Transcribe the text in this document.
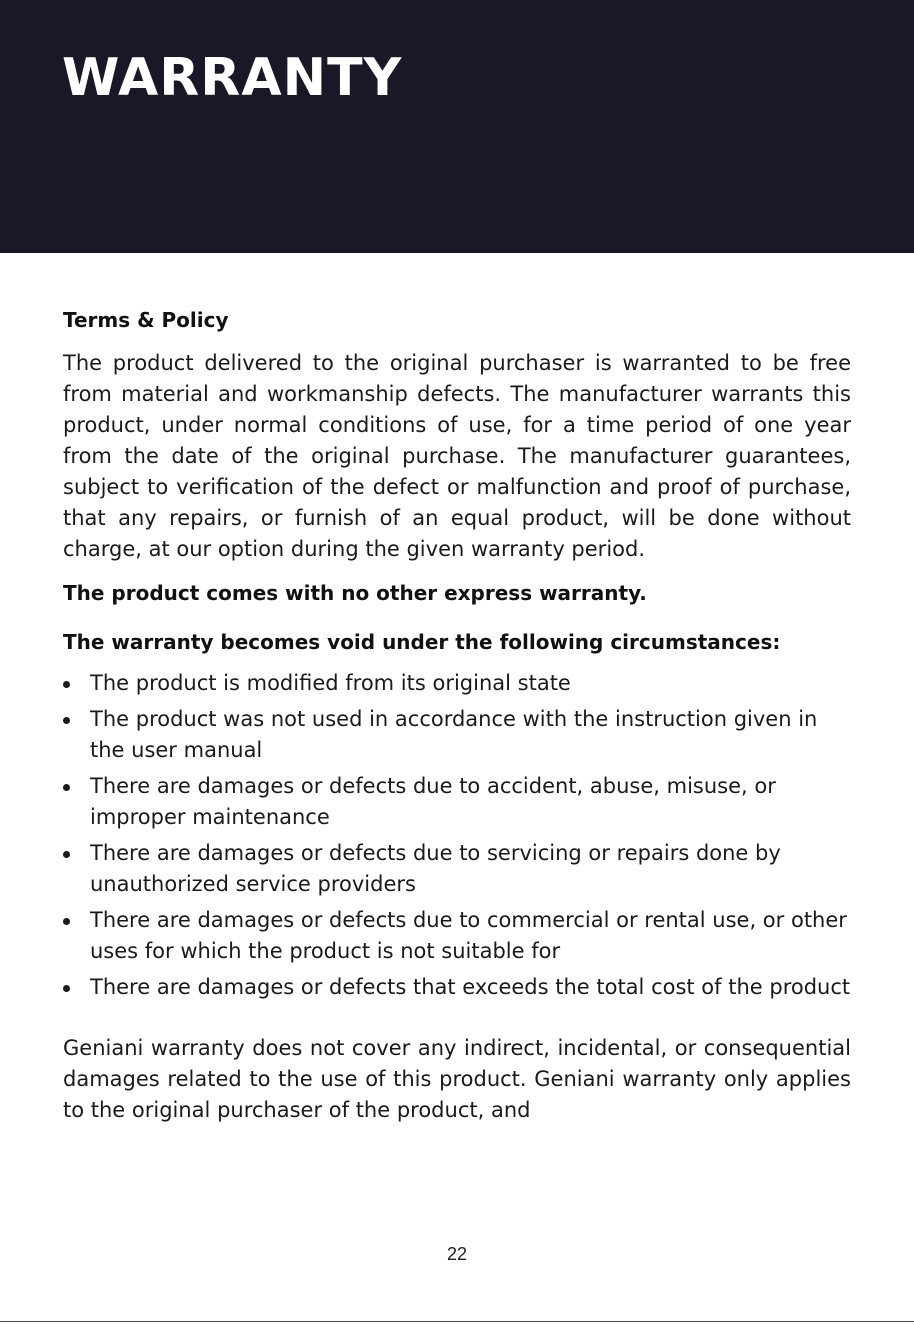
WARRANTY
Terms & Policy

The product delivered to the original purchaser is warranted to be free from material and workmanship defects. The manufacturer warrants this product, under normal conditions of use, for a time period of one year from the date of the original purchase. The manufacturer guarantees, subject to verification of the defect or malfunction and proof of purchase, that any repairs, or furnish of an equal product, will be done without charge, at our option during the given warranty period.

The product comes with no other express warranty.
The warranty becomes void under the following circumstances:
The product is modified from its original state
The product was not used in accordance with the instruction given in the user manual
There are damages or defects due to accident, abuse, misuse, or improper maintenance
There are damages or defects due to servicing or repairs done by unauthorized service providers
There are damages or defects due to commercial or rental use, or other uses for which the product is not suitable for
There are damages or defects that exceeds the total cost of the product

Geniani warranty does not cover any indirect, incidental, or consequential damages related to the use of this product. Geniani warranty only applies to the original purchaser of the product, and

22
